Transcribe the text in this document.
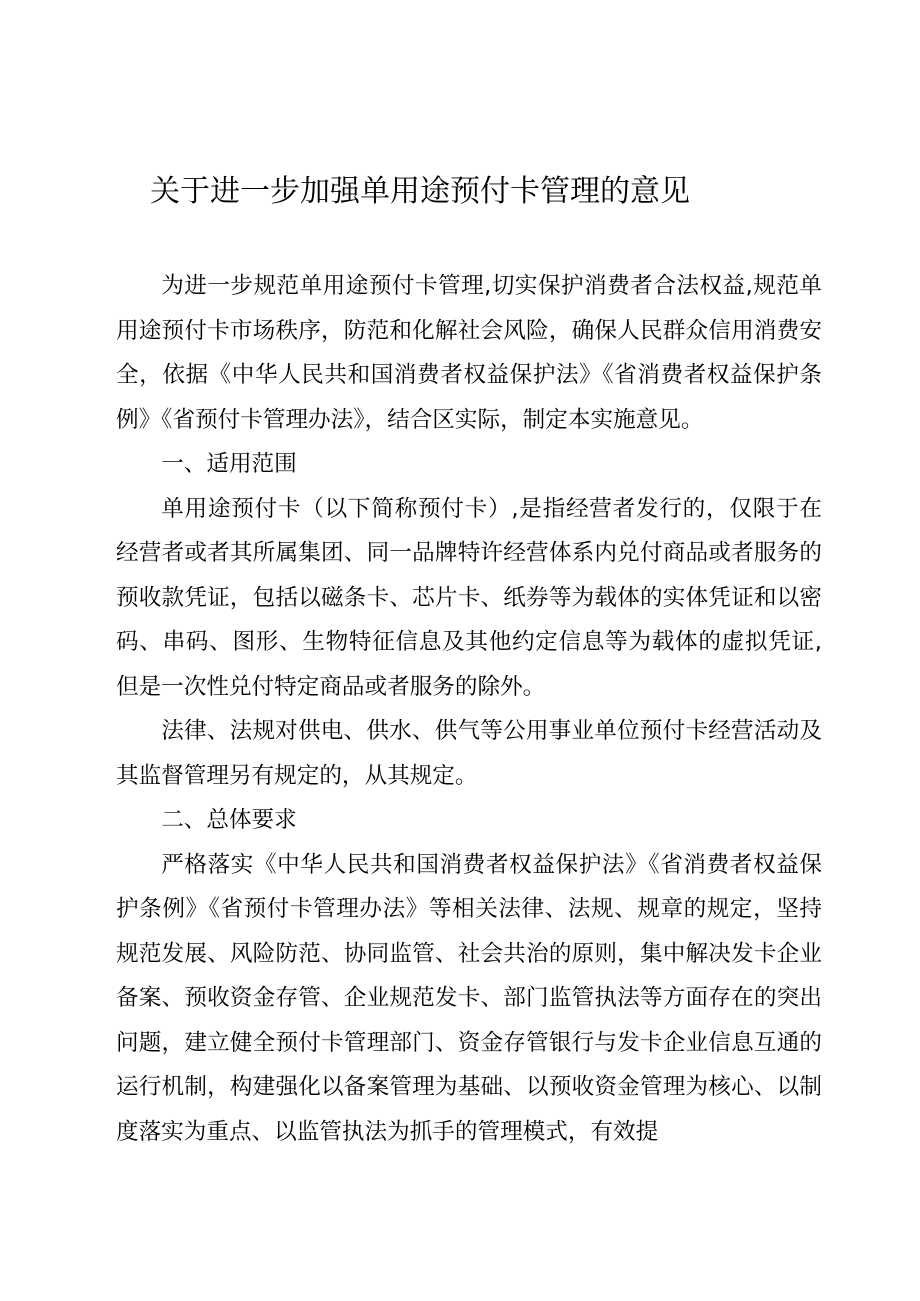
关于进一步加强单用途预付卡管理的意见

为进一步规范单用途预付卡管理,切实保护消费者合法权益,规范单用途预付卡市场秩序，防范和化解社会风险，确保人民群众信用消费安全，依据《中华人民共和国消费者权益保护法》《省消费者权益保护条例》《省预付卡管理办法》，结合区实际，制定本实施意见。

一、适用范围

单用途预付卡（以下简称预付卡）,是指经营者发行的，仅限于在经营者或者其所属集团、同一品牌特许经营体系内兑付商品或者服务的预收款凭证，包括以磁条卡、芯片卡、纸券等为载体的实体凭证和以密码、串码、图形、生物特征信息及其他约定信息等为载体的虚拟凭证,但是一次性兑付特定商品或者服务的除外。

法律、法规对供电、供水、供气等公用事业单位预付卡经营活动及其监督管理另有规定的，从其规定。

二、总体要求

严格落实《中华人民共和国消费者权益保护法》《省消费者权益保护条例》《省预付卡管理办法》等相关法律、法规、规章的规定，坚持规范发展、风险防范、协同监管、社会共治的原则，集中解决发卡企业备案、预收资金存管、企业规范发卡、部门监管执法等方面存在的突出问题，建立健全预付卡管理部门、资金存管银行与发卡企业信息互通的运行机制，构建强化以备案管理为基础、以预收资金管理为核心、以制度落实为重点、以监管执法为抓手的管理模式，有效提
